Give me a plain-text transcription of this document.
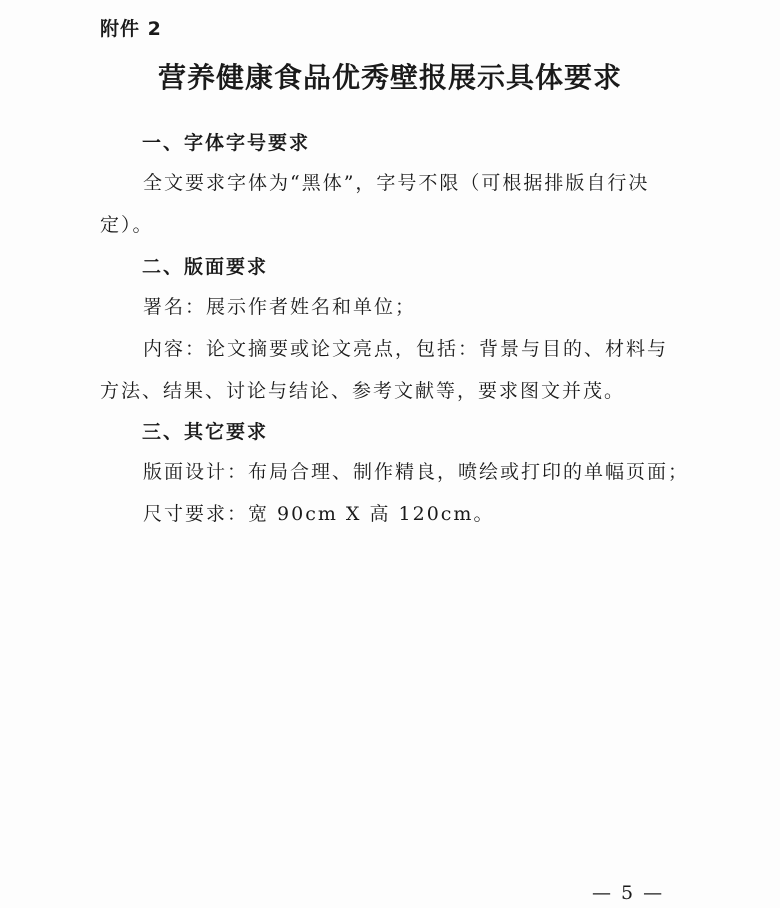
附件 2
营养健康食品优秀壁报展示具体要求
一、字体字号要求
全文要求字体为“黑体”，字号不限（可根据排版自行决
定）。
二、版面要求
署名：展示作者姓名和单位；
内容：论文摘要或论文亮点，包括：背景与目的、材料与
方法、结果、讨论与结论、参考文献等，要求图文并茂。
三、其它要求
版面设计：布局合理、制作精良，喷绘或打印的单幅页面；
尺寸要求：宽 90cm X 高 120cm。
— 5 —
